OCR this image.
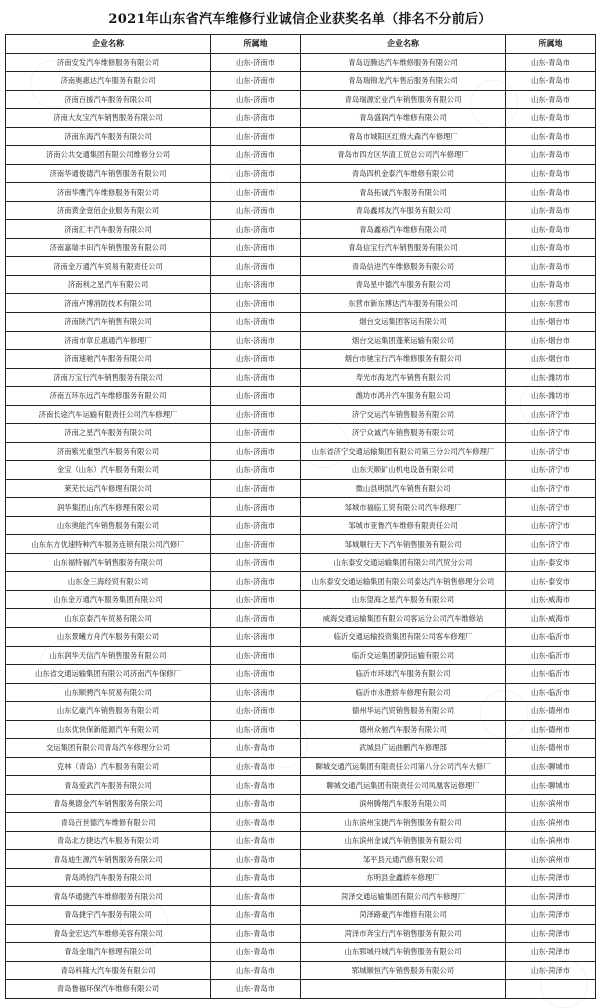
2021年山东省汽车维修行业诚信企业获奖名单（排名不分前后）
企业名称	所属地	企业名称	所属地
济南安发汽车维修服务有限公司	山东-济南市	青岛迈腾达汽车维修服务有限公司	山东-青岛市
济南奥惠达汽车服务有限公司	山东-济南市	青岛瑞锦龙汽车售后服务有限公司	山东-青岛市
济南百援汽车服务有限公司	山东-济南市	青岛瑞源宏业汽车销售服务有限公司	山东-青岛市
济南大友宝汽车销售服务有限公司	山东-济南市	青岛盛润汽车维修有限公司	山东-青岛市
济南东海汽车服务有限公司	山东-济南市	青岛市城阳区红绵大森汽车修理厂	山东-青岛市
济南公共交通集团有限公司维修分公司	山东-济南市	青岛市四方区华清工贸总公司汽车修理厂	山东-青岛市
济南华通俊德汽车销售服务有限公司	山东-济南市	青岛四机金泰汽车维修有限公司	山东-青岛市
济南华鹰汽车维修服务有限公司	山东-济南市	青岛拓诚汽车服务有限公司	山东-青岛市
济南黄金壹佰企业服务有限公司	山东-济南市	青岛鑫邦友汽车服务有限公司	山东-青岛市
济南汇丰汽车服务有限公司	山东-济南市	青岛鑫裕汽车维修有限公司	山东-青岛市
济南嘉瑞丰田汽车销售服务有限公司	山东-济南市	青岛信宝行汽车销售服务有限公司	山东-青岛市
济南金万通汽车贸易有限责任公司	山东-济南市	青岛信进汽车维修服务有限公司	山东-青岛市
济南利之星汽车有限公司	山东-济南市	青岛星中德汽车服务有限公司	山东-青岛市
济南卢博消防技术有限公司	山东-济南市	东营市新东博达汽车服务有限公司	山东-东营市
济南陕汽汽车销售有限公司	山东-济南市	烟台交运集团客运有限公司	山东-烟台市
济南市章丘惠通汽车修理厂	山东-济南市	烟台交运集团蓬莱运输有限公司	山东-烟台市
济南速驰汽车服务有限公司	山东-济南市	烟台市驰宝行汽车维修服务有限公司	山东-烟台市
济南万宝行汽车销售服务有限公司	山东-济南市	寿光市海龙汽车销售有限公司	山东-潍坊市
济南五环东远汽车维修服务有限公司	山东-济南市	潍坊市鸿升汽车服务有限公司	山东-潍坊市
济南长途汽车运输有限责任公司汽车修理厂	山东-济南市	济宁交运汽车销售服务有限公司	山东-济宁市
济南之星汽车服务有限公司	山东-济南市	济宁众诚汽车销售服务有限公司	山东-济宁市
济南紫光重型汽车服务有限公司	山东-济南市	山东省济宁交通运输集团有限公司第三分公司汽车修理厂	山东-济宁市
金宝（山东）汽车服务有限公司	山东-济南市	山东天顺矿山机电设备有限公司	山东-济宁市
莱芜长运汽车修理有限公司	山东-济南市	微山县明凯汽车销售有限公司	山东-济宁市
润华集团山东汽车修理有限公司	山东-济南市	邹城市福临工贸有限公司汽车修理厂	山东-济宁市
山东奥能汽车销售服务有限公司	山东-济南市	邹城市亚鲁汽车维修有限责任公司	山东-济宁市
山东东方优速特种汽车服务连锁有限公司汽修厂	山东-济南市	邹城顺行天下汽车销售服务有限公司	山东-济宁市
山东福特福汽车销售服务有限公司	山东-济南市	山东泰安交通运输集团有限公司汽贸分公司	山东-泰安市
山东金三海经贸有限公司	山东-济南市	山东泰安交通运输集团有限公司泰达汽车销售修理分公司	山东-泰安市
山东金万通汽车服务集团有限公司	山东-济南市	山东望海之星汽车服务有限公司	山东-威海市
山东京泰汽车贸易有限公司	山东-济南市	威海交通运输集团有限公司客运分公司汽车维修站	山东-威海市
山东景曦方舟汽车服务有限公司	山东-济南市	临沂交通运输投资集团有限公司客车修理厂	山东-临沂市
山东润华天信汽车销售服务有限公司	山东-济南市	临沂交运集团蒙阴运输有限公司	山东-临沂市
山东省交通运输集团有限公司济南汽车保修厂	山东-济南市	临沂市环球汽车服务有限公司	山东-临沂市
山东顺骋汽车贸易有限公司	山东-济南市	临沂市永胜轿车修理有限公司	山东-临沂市
山东亿豪汽车销售服务有限公司	山东-济南市	德州华运汽贸销售服务有限公司	山东-德州市
山东优快保新能源汽车有限公司	山东-济南市	德州众驰汽车服务有限公司	山东-德州市
交运集团有限公司青岛汽车修理分公司	山东-青岛市	武城县广运曲鹏汽车修理部	山东-德州市
克林（青岛）汽车服务有限公司	山东-青岛市	聊城交通汽运集团有限责任公司第八分公司汽车大修厂	山东-聊城市
青岛爱武汽车服务有限公司	山东-青岛市	聊城交通汽运集团有限责任公司凤凰客运修理厂	山东-聊城市
青岛奥德金汽车销售服务有限公司	山东-青岛市	滨州腾翔汽车服务有限公司	山东-滨州市
青岛百世德汽车维修有限公司	山东-青岛市	山东滨州宝捷汽车销售服务有限公司	山东-滨州市
青岛北方捷达汽车服务有限公司	山东-青岛市	山东滨州金诚汽车销售服务有限公司	山东-滨州市
青岛迪生源汽车销售服务有限公司	山东-青岛市	邹平县元通汽修有限公司	山东-滨州市
青岛鸿钧汽车服务有限公司	山东-青岛市	东明县金鑫轿车修理厂	山东-菏泽市
青岛华通捷汽车维修服务有限公司	山东-青岛市	菏泽交通运输集团有限公司汽车修理厂	山东-菏泽市
青岛捷宇汽车服务有限公司	山东-青岛市	菏泽路豪汽车维修有限公司	山东-菏泽市
青岛金宏达汽车维修美容有限公司	山东-青岛市	菏泽市奔宝行汽车销售服务有限公司	山东-菏泽市
青岛金瑞汽车修理有限公司	山东-青岛市	山东郓城丹城汽车销售服务有限公司	山东-菏泽市
青岛科隆大汽车服务有限公司	山东-青岛市	郓城顺恒汽车销售服务有限公司	山东-菏泽市
青岛鲁福环保汽车维修有限公司	山东-青岛市		
